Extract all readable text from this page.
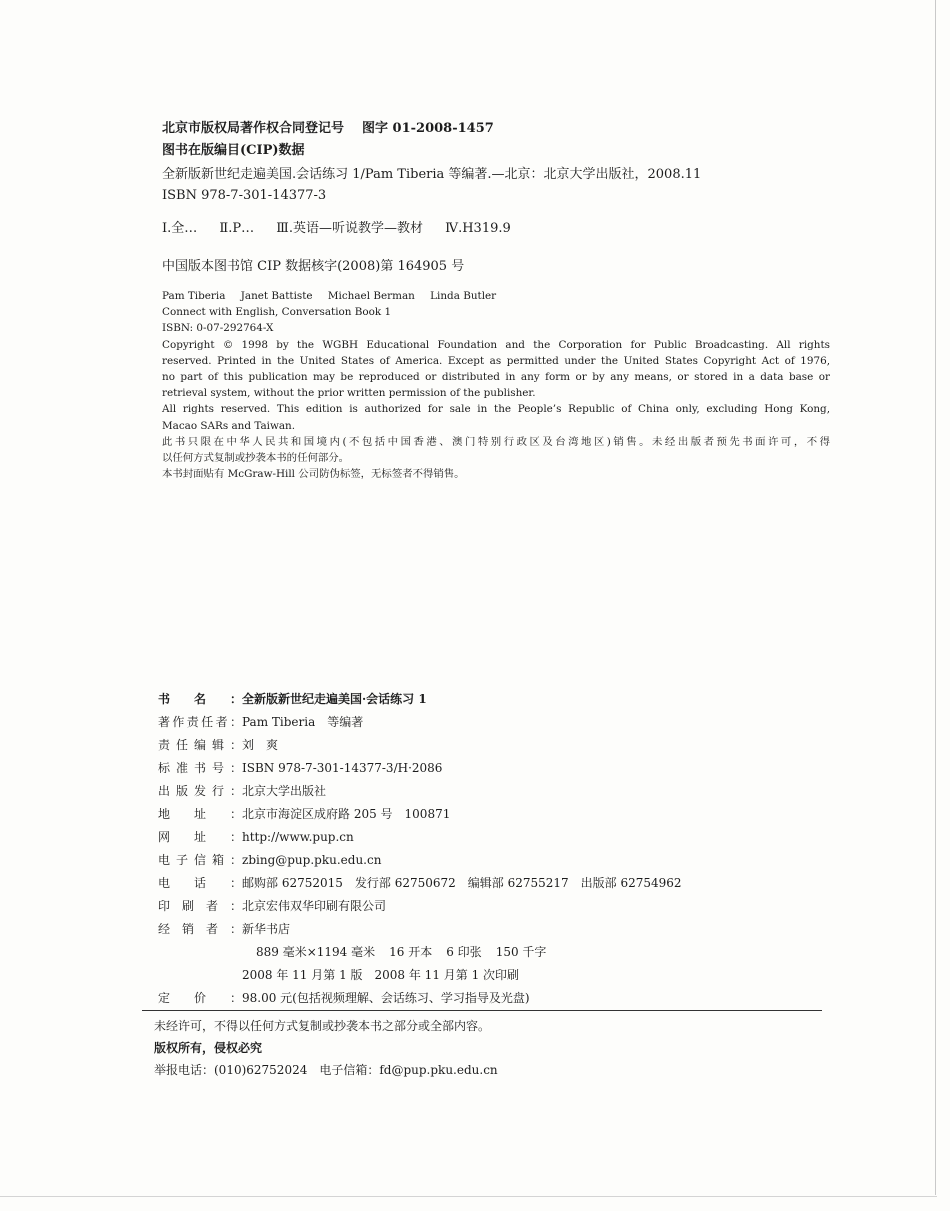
北京市版权局著作权合同登记号 图字 01-2008-1457
图书在版编目(CIP)数据
全新版新世纪走遍美国.会话练习 1/Pam Tiberia 等编著.—北京：北京大学出版社，2008.11
ISBN 978-7-301-14377-3
Ⅰ.全… Ⅱ.P… Ⅲ.英语—听说教学—教材 Ⅳ.H319.9
中国版本图书馆 CIP 数据核字(2008)第 164905 号
Pam Tiberia Janet Battiste Michael Berman Linda Butler
Connect with English, Conversation Book 1
ISBN: 0-07-292764-X
Copyright © 1998 by the WGBH Educational Foundation and the Corporation for Public Broadcasting. All rights
reserved. Printed in the United States of America. Except as permitted under the United States Copyright Act of 1976,
no part of this publication may be reproduced or distributed in any form or by any means, or stored in a data base or
retrieval system, without the prior written permission of the publisher.
All rights reserved. This edition is authorized for sale in the People’s Republic of China only, excluding Hong Kong,
Macao SARs and Taiwan.
此书只限在中华人民共和国境内(不包括中国香港、澳门特别行政区及台湾地区)销售。未经出版者预先书面许可，不得
以任何方式复制或抄袭本书的任何部分。
本书封面贴有 McGraw-Hill 公司防伪标签，无标签者不得销售。
书名：全新版新世纪走遍美国·会话练习 1
著作责任者：Pam Tiberia　等编著
责任编辑：刘　爽
标准书号：ISBN 978-7-301-14377-3/H·2086
出版发行：北京大学出版社
地址：北京市海淀区成府路 205 号　100871
网址：http://www.pup.cn
电子信箱：zbing@pup.pku.edu.cn
电话：邮购部 62752015　发行部 62750672　编辑部 62755217　出版部 62754962
印刷者：北京宏伟双华印刷有限公司
经销者：新华书店
889 毫米×1194 毫米 16 开本 6 印张 150 千字
2008 年 11 月第 1 版　2008 年 11 月第 1 次印刷
定价：98.00 元(包括视频理解、会话练习、学习指导及光盘)
未经许可，不得以任何方式复制或抄袭本书之部分或全部内容。
版权所有，侵权必究
举报电话：(010)62752024　电子信箱：fd@pup.pku.edu.cn
